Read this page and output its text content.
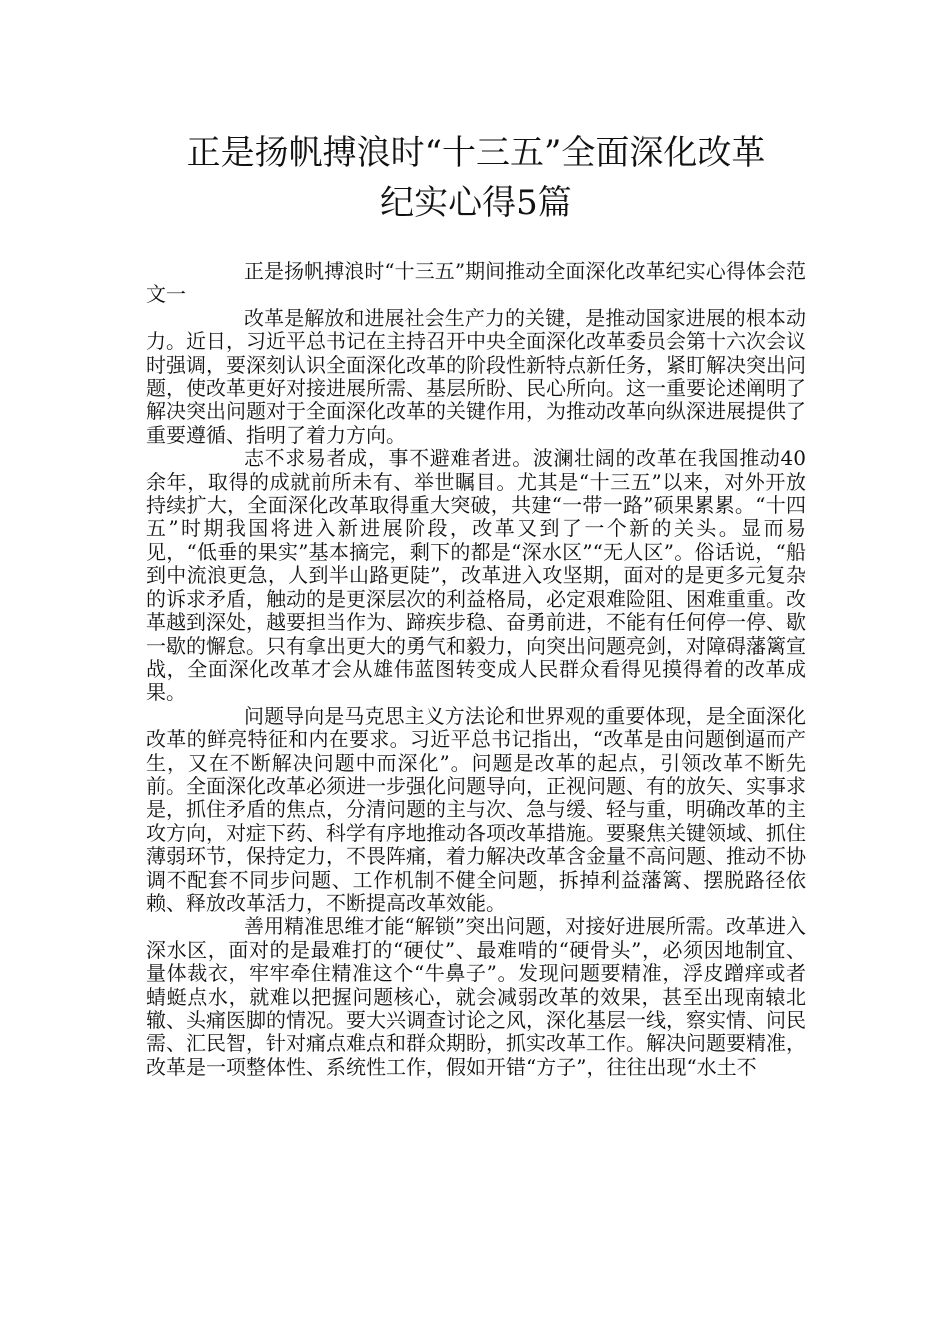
正是扬帆搏浪时“十三五”全面深化改革
纪实心得5篇

正是扬帆搏浪时“十三五”期间推动全面深化改革纪实心得体会范文一

改革是解放和进展社会生产力的关键，是推动国家进展的根本动力。近日，习近平总书记在主持召开中央全面深化改革委员会第十六次会议时强调，要深刻认识全面深化改革的阶段性新特点新任务，紧盯解决突出问题，使改革更好对接进展所需、基层所盼、民心所向。这一重要论述阐明了解决突出问题对于全面深化改革的关键作用，为推动改革向纵深进展提供了重要遵循、指明了着力方向。

志不求易者成，事不避难者进。波澜壮阔的改革在我国推动40余年，取得的成就前所未有、举世瞩目。尤其是“十三五”以来，对外开放持续扩大，全面深化改革取得重大突破，共建“一带一路”硕果累累。“十四五”时期我国将进入新进展阶段，改革又到了一个新的关头。显而易见，“低垂的果实”基本摘完，剩下的都是“深水区”“无人区”。俗话说，“船到中流浪更急，人到半山路更陡”，改革进入攻坚期，面对的是更多元复杂的诉求矛盾，触动的是更深层次的利益格局，必定艰难险阻、困难重重。改革越到深处，越要担当作为、蹄疾步稳、奋勇前进，不能有任何停一停、歇一歇的懈怠。只有拿出更大的勇气和毅力，向突出问题亮剑，对障碍藩篱宣战，全面深化改革才会从雄伟蓝图转变成人民群众看得见摸得着的改革成果。

问题导向是马克思主义方法论和世界观的重要体现，是全面深化改革的鲜亮特征和内在要求。习近平总书记指出，“改革是由问题倒逼而产生，又在不断解决问题中而深化”。问题是改革的起点，引领改革不断先前。全面深化改革必须进一步强化问题导向，正视问题、有的放矢、实事求是，抓住矛盾的焦点，分清问题的主与次、急与缓、轻与重，明确改革的主攻方向，对症下药、科学有序地推动各项改革措施。要聚焦关键领域、抓住薄弱环节，保持定力，不畏阵痛，着力解决改革含金量不高问题、推动不协调不配套不同步问题、工作机制不健全问题，拆掉利益藩篱、摆脱路径依赖、释放改革活力，不断提高改革效能。

善用精准思维才能“解锁”突出问题，对接好进展所需。改革进入深水区，面对的是最难打的“硬仗”、最难啃的“硬骨头”，必须因地制宜、量体裁衣，牢牢牵住精准这个“牛鼻子”。发现问题要精准，浮皮蹭痒或者蜻蜓点水，就难以把握问题核心，就会减弱改革的效果，甚至出现南辕北辙、头痛医脚的情况。要大兴调查讨论之风，深化基层一线，察实情、问民需、汇民智，针对痛点难点和群众期盼，抓实改革工作。解决问题要精准，改革是一项整体性、系统性工作，假如开错“方子”，往往出现“水土不
